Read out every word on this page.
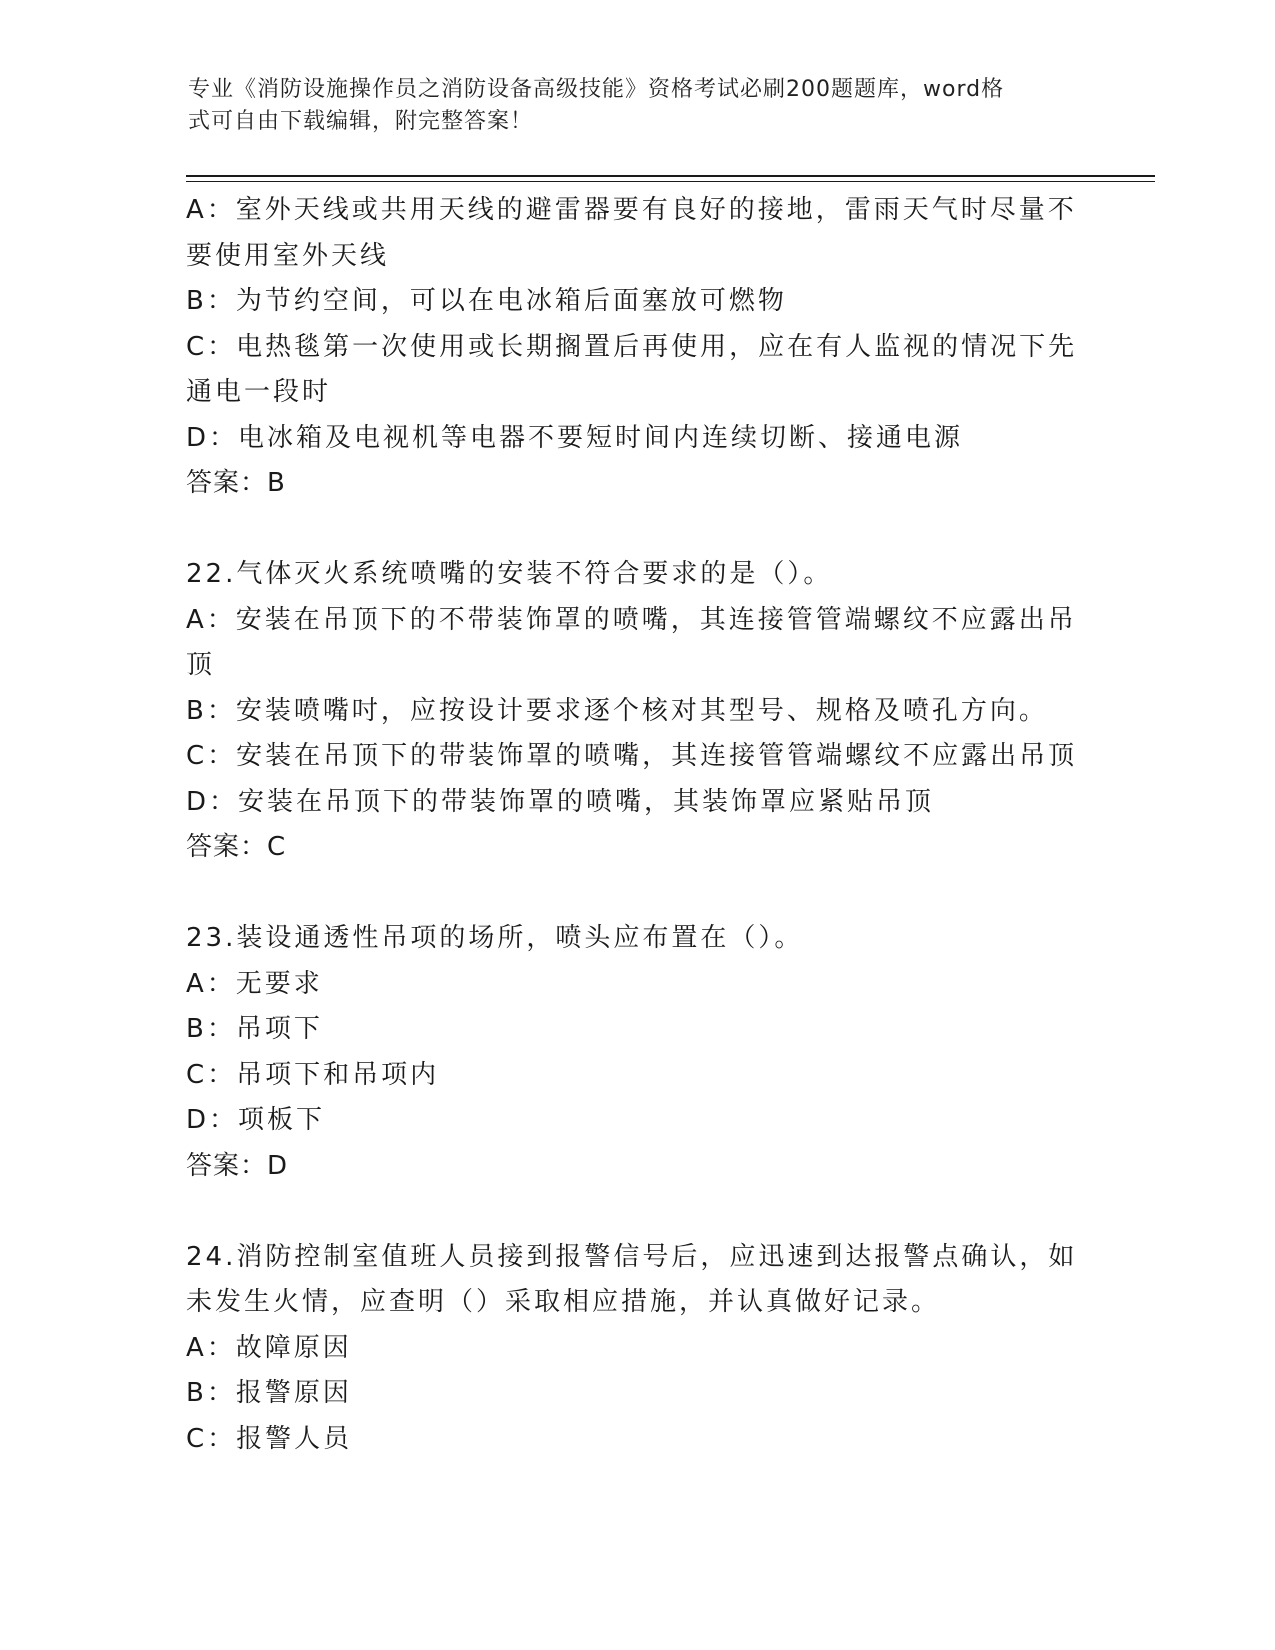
专业《消防设施操作员之消防设备高级技能》资格考试必刷200题题库，word格
式可自由下载编辑，附完整答案！
A：室外天线或共用天线的避雷器要有良好的接地，雷雨天气时尽量不
要使用室外天线
B：为节约空间，可以在电冰箱后面塞放可燃物
C：电热毯第一次使用或长期搁置后再使用，应在有人监视的情况下先
通电一段时
D：电冰箱及电视机等电器不要短时间内连续切断、接通电源
答案：B
22.气体灭火系统喷嘴的安装不符合要求的是（）。
A：安装在吊顶下的不带装饰罩的喷嘴，其连接管管端螺纹不应露出吊
顶
B：安装喷嘴吋，应按设计要求逐个核对其型号、规格及喷孔方向。
C：安装在吊顶下的带装饰罩的喷嘴，其连接管管端螺纹不应露出吊顶
D：安装在吊顶下的带装饰罩的喷嘴，其装饰罩应紧贴吊顶
答案：C
23.装设通透性吊项的场所，喷头应布置在（）。
A：无要求
B：吊项下
C：吊项下和吊项内
D：项板下
答案：D
24.消防控制室值班人员接到报警信号后，应迅速到达报警点确认，如
未发生火情，应查明（）采取相应措施，并认真做好记录。
A：故障原因
B：报警原因
C：报警人员
